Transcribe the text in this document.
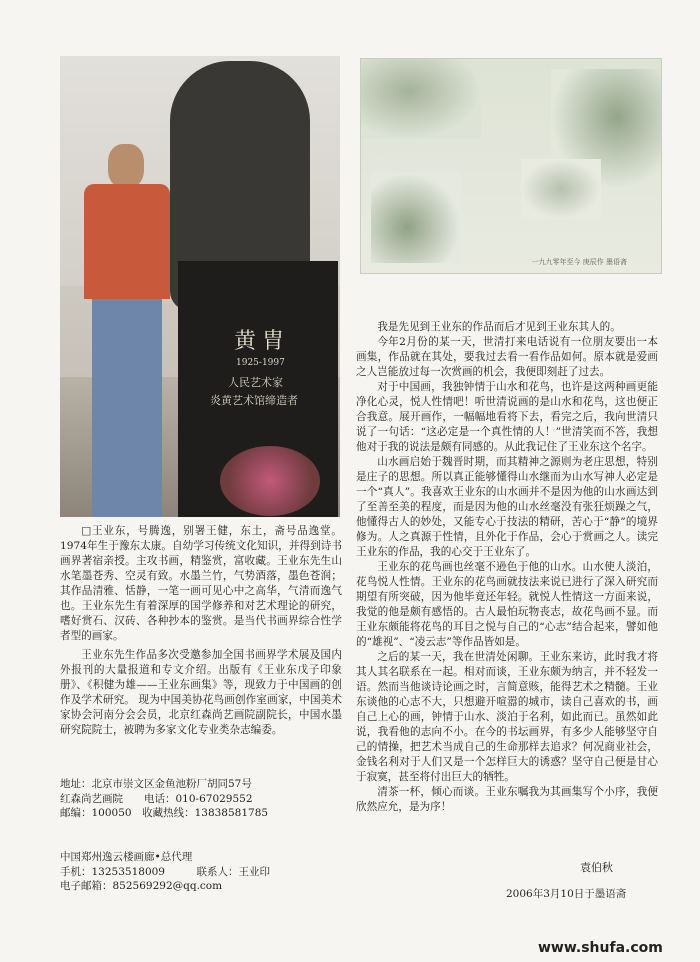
黄胄
1925-1997
人民艺术家
炎黄艺术馆缔造者
一九九零年至今 庚辰作 墨语斋

□王业东，号腾逸，别署王健，东土，斋号品逸堂。1974年生于豫东太康。自幼学习传统文化知识，并得到诗书画界著宿亲授。主攻书画，精鉴赏，富收藏。王业东先生山水笔墨苍秀、空灵有致。水墨兰竹，气势酒落，墨色苍润；其作品清雅、恬静，一笔一画可见心中之高华，气清而逸气也。王业东先生有着深厚的国学修养和对艺术理论的研究，嗜好赏石、汉砖、各种抄本的鉴赏。是当代书画界综合性学者型的画家。

王业东先生作品多次受邀参加全国书画界学术展及国内外报刊的大量报道和专文介绍。出版有《王业东戊子印象册》、《积健为雄——王业东画集》等，现致力于中国画的创作及学术研究。 现为中国美协花鸟画创作室画家，中国美术家协会河南分会会员，北京红森尚艺画院副院长，中国水墨研究院院士，被聘为多家文化专业类杂志编委。

地址：北京市崇文区金鱼池粉厂胡同57号
红森尚艺画院　　电话：010-67029552
邮编：100050　收藏热线：13838581785
中国郑州逸云楼画廊•总代理
手机：13253518009　　　联系人：王业印
电子邮箱：852569292@qq.com

我是先见到王业东的作品而后才见到王业东其人的。

今年2月份的某一天，世清打来电话说有一位朋友要出一本画集，作品就在其处，要我过去看一看作品如何。原本就是爱画之人岂能放过每一次赏画的机会，我便即刻赶了过去。

对于中国画，我独钟情于山水和花鸟，也许是这两种画更能净化心灵，悦人性情吧！听世清说画的是山水和花鸟，这也便正合我意。展开画作，一幅幅地看将下去，看完之后，我向世清只说了一句话：“这必定是一个真性情的人！”世清笑而不答，我想他对于我的说法是颇有同感的。从此我记住了王业东这个名字。

山水画启始于魏晋时期，而其精神之源则为老庄思想，特别是庄子的思想。所以真正能够懂得山水继而为山水写神人必定是一个“真人”。我喜欢王业东的山水画并不是因为他的山水画达到了至善至美的程度，而是因为他的山水丝毫没有张狂烦躁之气，他懂得古人的妙处，又能专心于技法的精研，苦心于“静”的境界修为。人之真源于性情，且外化于作品，会心于赏画之人。读完王业东的作品，我的心交于王业东了。

王业东的花鸟画也丝毫不逊色于他的山水。山水使人淡泊，花鸟悦人性情。王业东的花鸟画就技法来说已进行了深入研究而期望有所突破，因为他毕竟还年轻。就悦人性情这一方面来说，我觉的他是颇有感悟的。古人最怕玩物丧志，故花鸟画不显。而王业东颇能将花鸟的耳目之悦与自己的“心志”结合起来，譬如他的“雄视”、“凌云志”等作品皆如是。

之后的某一天，我在世清处闲聊。王业东来访，此时我才将其人其名联系在一起。相对而谈，王业东颇为纳言，并不轻发一语。然而当他谈诗论画之时，言简意赅，能得艺术之精髓。王业东谈他的心志不大，只想避开喧嚣的城市，读自己喜欢的书，画自己上心的画，钟情于山水、淡泊于名利，如此而已。虽然如此说，我看他的志向不小。在今的书坛画界，有多少人能够坚守自己的情操，把艺术当成自己的生命那样去追求？何况商业社会，金钱名利对于人们又是一个怎样巨大的诱惑？坚守自己便是甘心于寂寞，甚至将付出巨大的牺牲。

清茶一杯，倾心而谈。王业东嘱我为其画集写个小序，我便欣然应允，是为序！

袁伯秋
2006年3月10日于墨语斋
www.shufa.com
